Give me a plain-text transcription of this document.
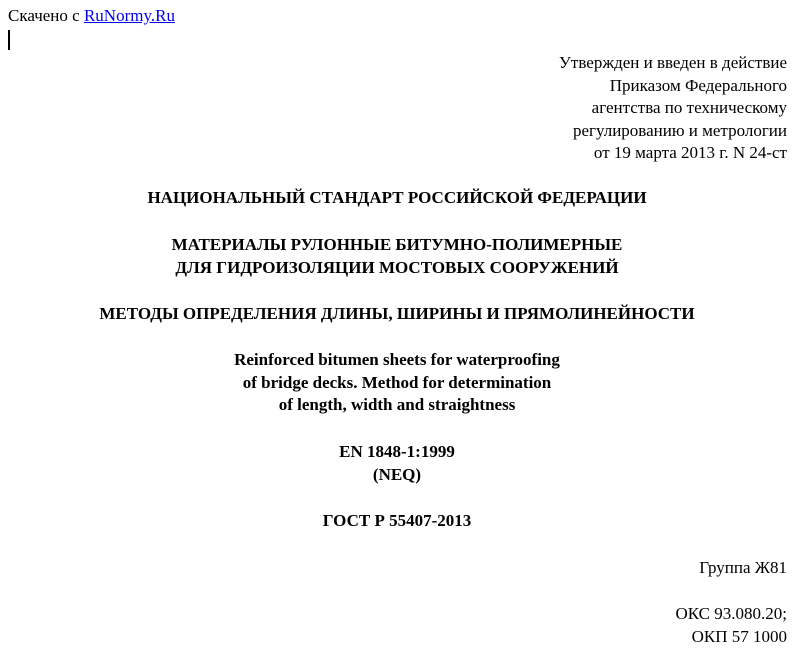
Скачено с RuNormy.Ru
Утвержден и введен в действие
Приказом Федерального
агентства по техническому
регулированию и метрологии
от 19 марта 2013 г. N 24-ст
НАЦИОНАЛЬНЫЙ СТАНДАРТ РОССИЙСКОЙ ФЕДЕРАЦИИ
МАТЕРИАЛЫ РУЛОННЫЕ БИТУМНО-ПОЛИМЕРНЫЕ
ДЛЯ ГИДРОИЗОЛЯЦИИ МОСТОВЫХ СООРУЖЕНИЙ
МЕТОДЫ ОПРЕДЕЛЕНИЯ ДЛИНЫ, ШИРИНЫ И ПРЯМОЛИНЕЙНОСТИ
Reinforced bitumen sheets for waterproofing
of bridge decks. Method for determination
of length, width and straightness
EN 1848-1:1999
(NEQ)
ГОСТ Р 55407-2013
Группа Ж81
ОКС 93.080.20;
ОКП 57 1000
